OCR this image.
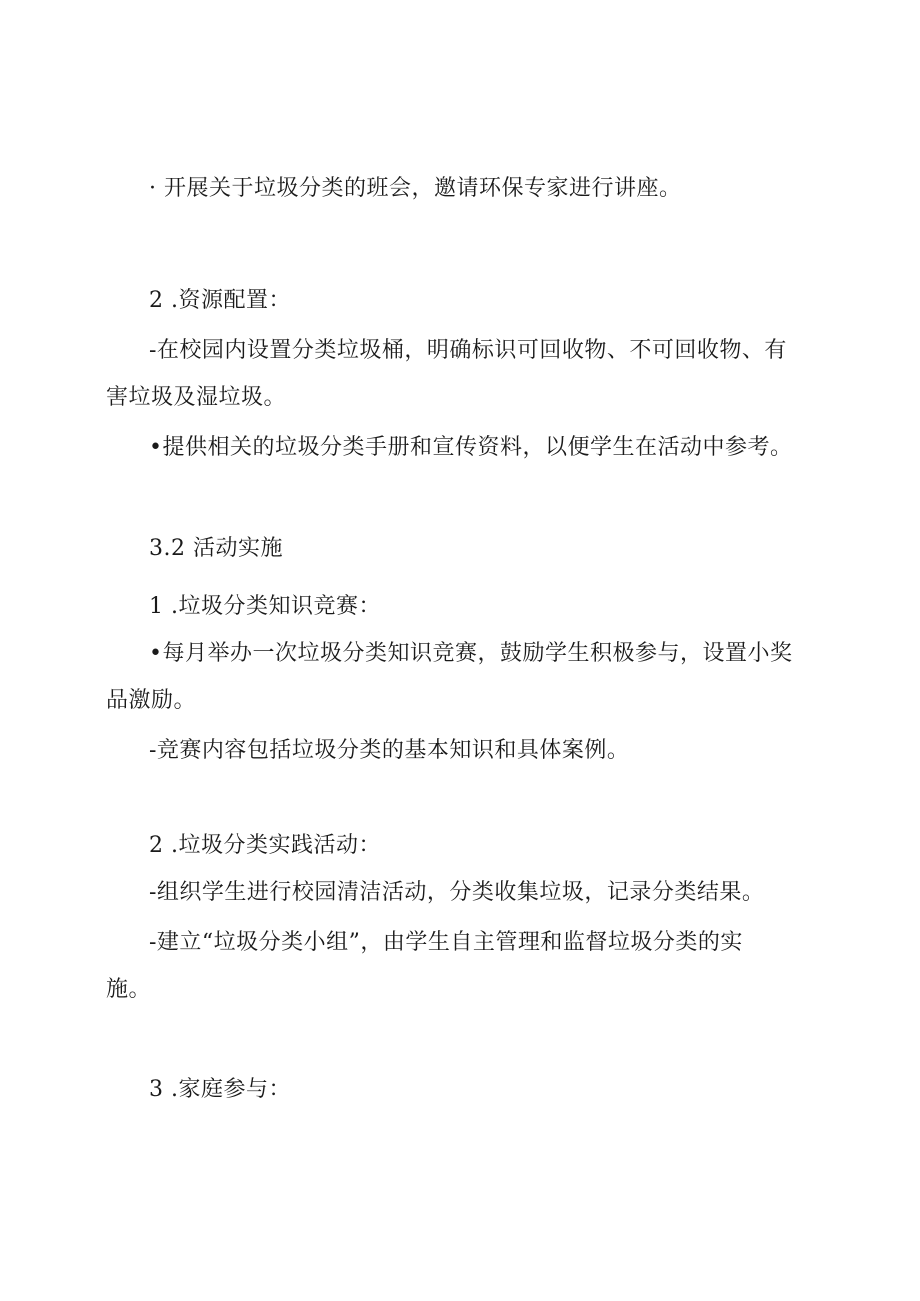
· 开展关于垃圾分类的班会，邀请环保专家进行讲座。
2 .资源配置：
-在校园内设置分类垃圾桶，明确标识可回收物、不可回收物、有
害垃圾及湿垃圾。
•提供相关的垃圾分类手册和宣传资料，以便学生在活动中参考。
3.2 活动实施
1 .垃圾分类知识竞赛：
•每月举办一次垃圾分类知识竞赛，鼓励学生积极参与，设置小奖
品激励。
-竞赛内容包括垃圾分类的基本知识和具体案例。
2 .垃圾分类实践活动：
-组织学生进行校园清洁活动，分类收集垃圾，记录分类结果。
-建立“垃圾分类小组”，由学生自主管理和监督垃圾分类的实
施。
3 .家庭参与：
